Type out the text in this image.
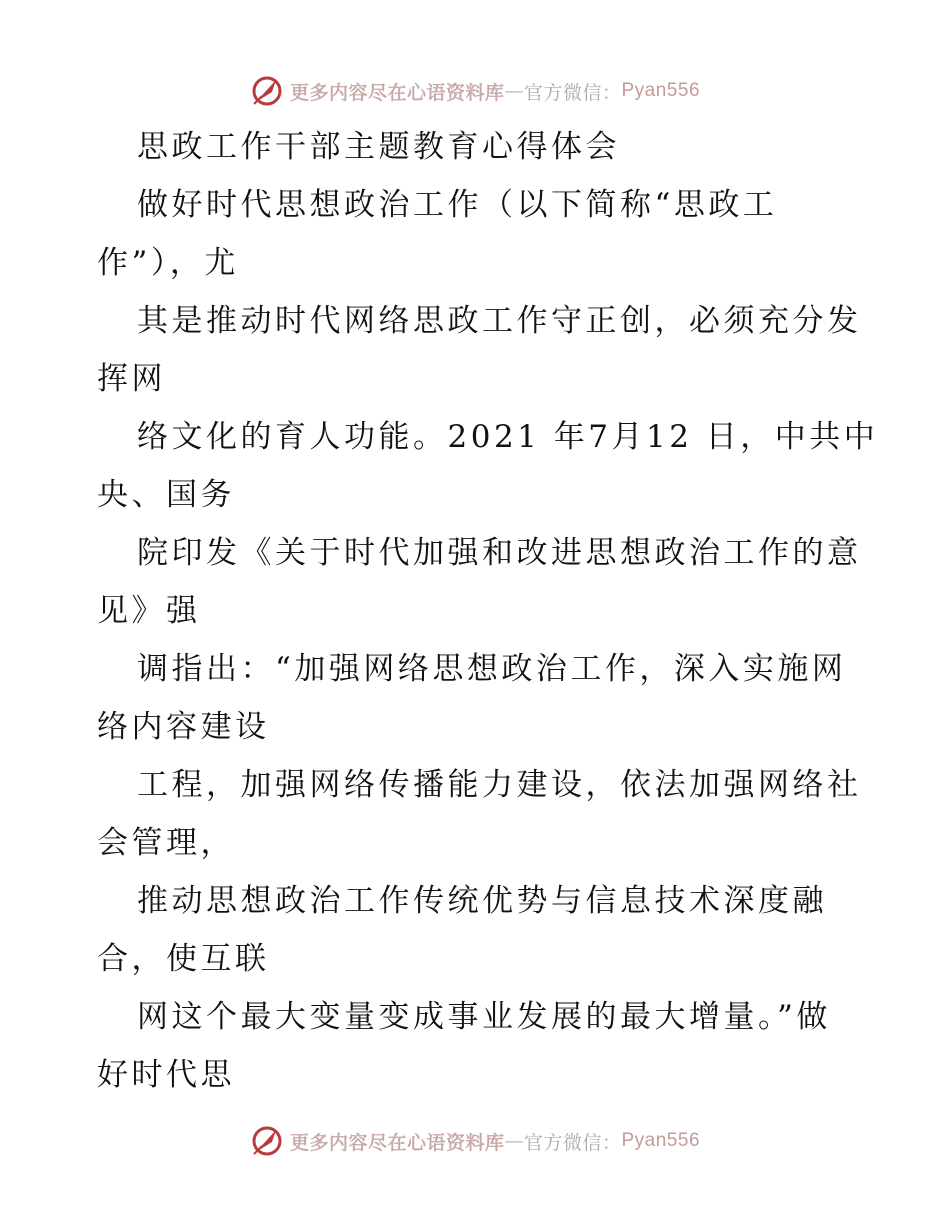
更多内容尽在心语资料库 — 官方微信： Pyan556
思政工作干部主题教育心得体会
做好时代思想政治工作（以下简称“思政工
作”），尤
其是推动时代网络思政工作守正创，必须充分发
挥网
络文化的育人功能。2021 年7月12 日，中共中
央、国务
院印发《关于时代加强和改进思想政治工作的意
见》强
调指出：“加强网络思想政治工作，深入实施网
络内容建设
工程，加强网络传播能力建设，依法加强网络社
会管理，
推动思想政治工作传统优势与信息技术深度融
合，使互联
网这个最大变量变成事业发展的最大增量。”做
好时代思
更多内容尽在心语资料库 — 官方微信： Pyan556
